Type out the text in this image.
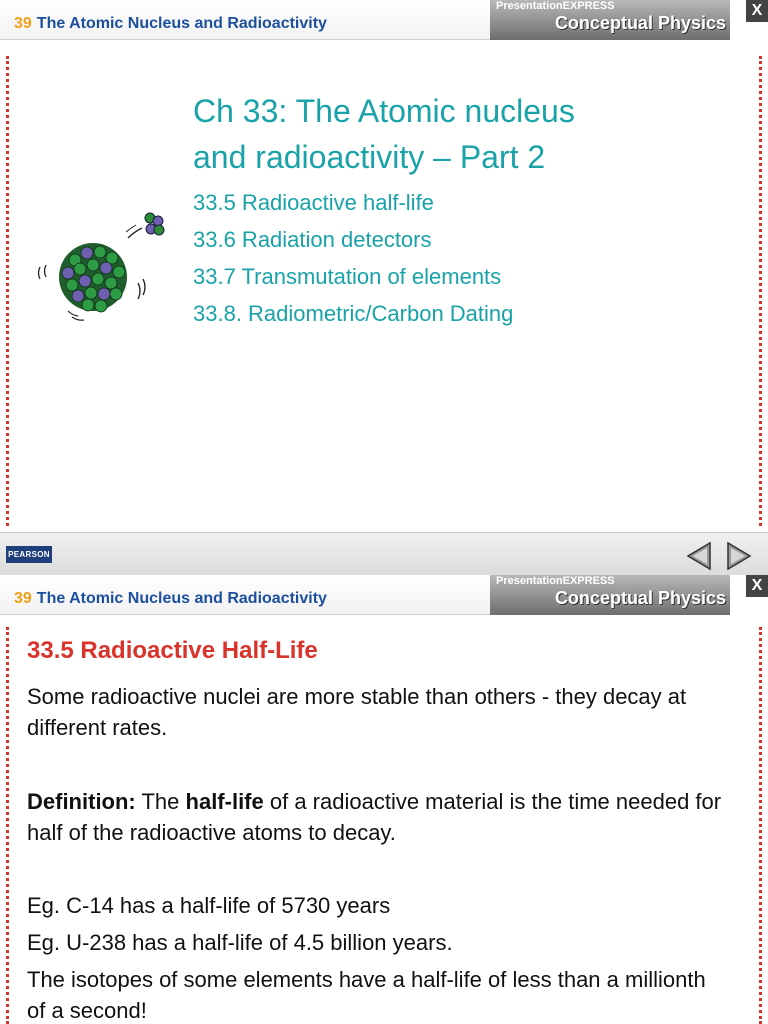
39 The Atomic Nucleus and Radioactivity
PresentationEXPRESS
Conceptual Physics
X
Ch 33: The Atomic nucleus
and radioactivity – Part 2
33.5 Radioactive half-life
33.6 Radiation detectors
33.7 Transmutation of elements
33.8. Radiometric/Carbon Dating
PEARSON
39 The Atomic Nucleus and Radioactivity
PresentationEXPRESS
Conceptual Physics
X
33.5 Radioactive Half-Life
Some radioactive nuclei are more stable than others - they decay at different rates.
Definition: The half-life of a radioactive material is the time needed for half of the radioactive atoms to decay.
Eg. C-14 has a half-life of 5730 years
Eg. U-238 has a half-life of 4.5 billion years.
The isotopes of some elements have a half-life of less than a millionth of a second!
